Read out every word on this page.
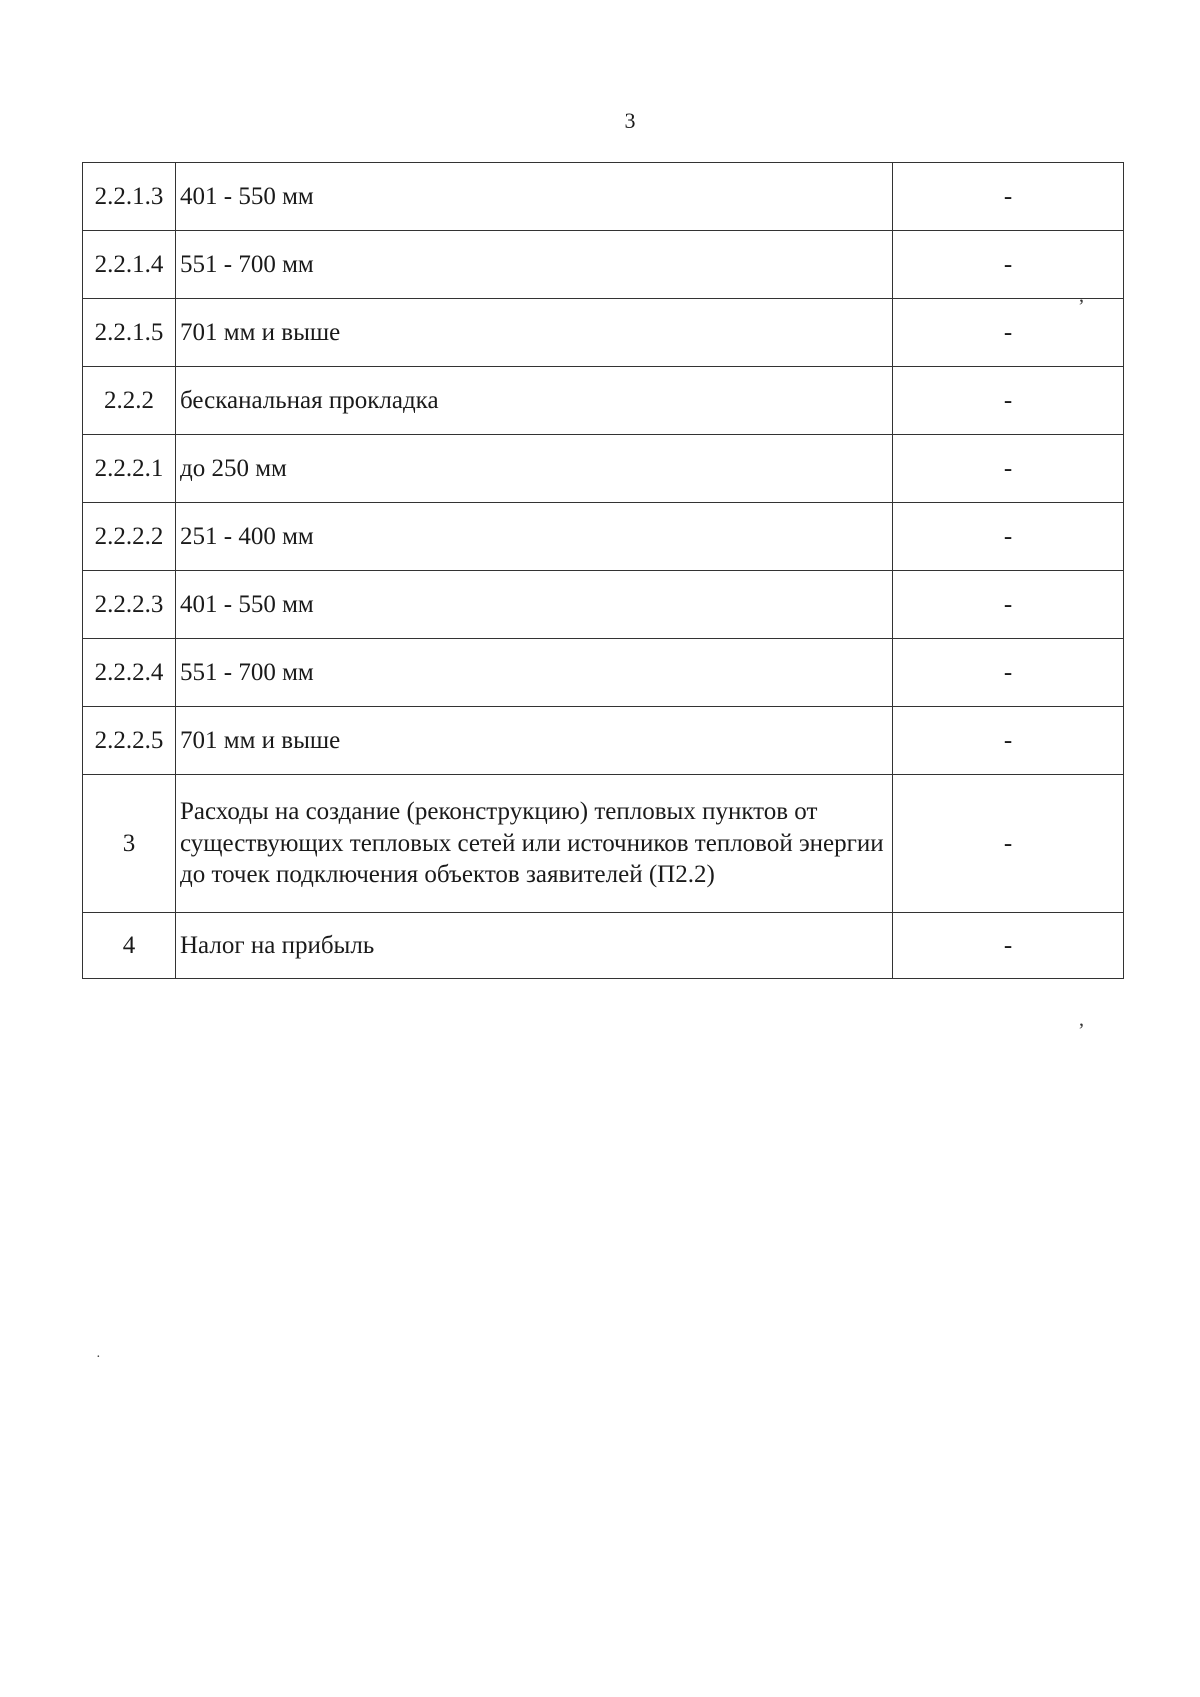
3
2.2.1.3	401 - 550 мм	-
2.2.1.4	551 - 700 мм	-
2.2.1.5	701 мм и выше	-
2.2.2	бесканальная прокладка	-
2.2.2.1	до 250 мм	-
2.2.2.2	251 - 400 мм	-
2.2.2.3	401 - 550 мм	-
2.2.2.4	551 - 700 мм	-
2.2.2.5	701 мм и выше	-
3	Расходы на создание (реконструкцию) тепловых пунктов от существующих тепловых сетей или источников тепловой энергии до точек подключения объектов заявителей (П2.2)	-
4	Налог на прибыль	-
ʼ
ʼ
·
